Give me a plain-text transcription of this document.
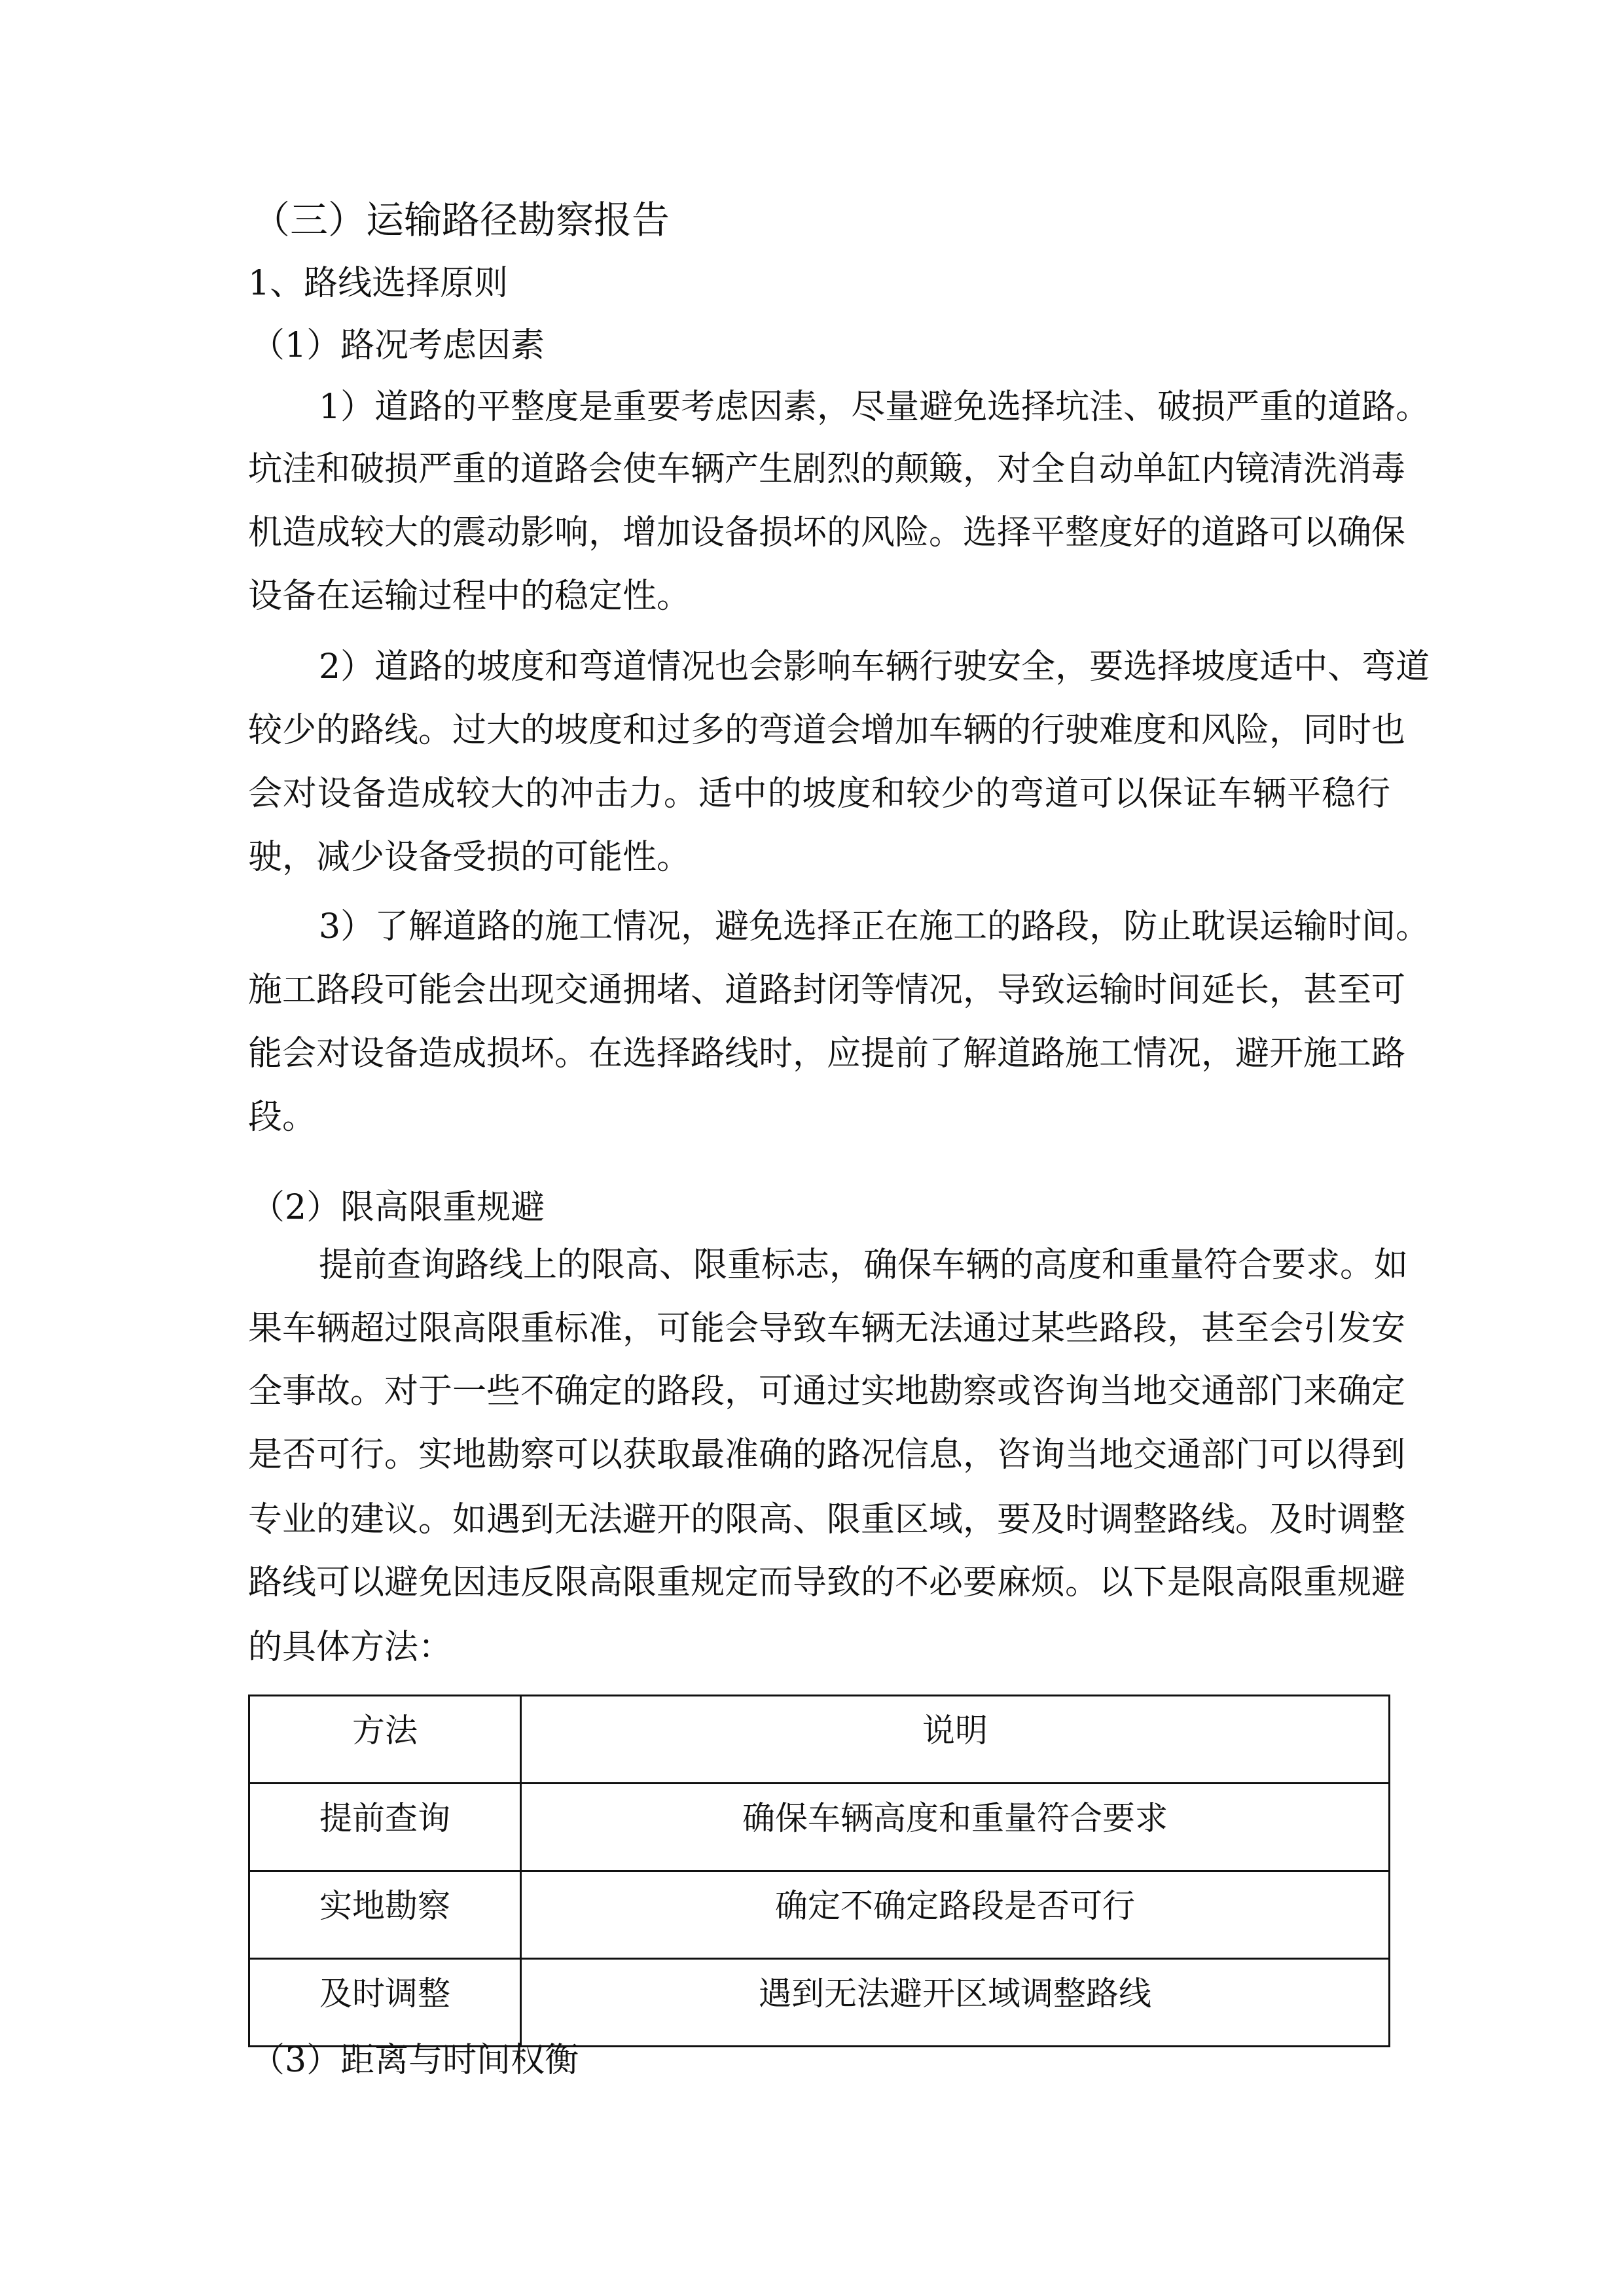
（三）运输路径勘察报告
1、路线选择原则
（1）路况考虑因素
1）道路的平整度是重要考虑因素，尽量避免选择坑洼、破损严重的道路。
坑洼和破损严重的道路会使车辆产生剧烈的颠簸，对全自动单缸内镜清洗消毒
机造成较大的震动影响，增加设备损坏的风险。选择平整度好的道路可以确保
设备在运输过程中的稳定性。
2）道路的坡度和弯道情况也会影响车辆行驶安全，要选择坡度适中、弯道
较少的路线。过大的坡度和过多的弯道会增加车辆的行驶难度和风险，同时也
会对设备造成较大的冲击力。适中的坡度和较少的弯道可以保证车辆平稳行
驶，减少设备受损的可能性。
3）了解道路的施工情况，避免选择正在施工的路段，防止耽误运输时间。
施工路段可能会出现交通拥堵、道路封闭等情况，导致运输时间延长，甚至可
能会对设备造成损坏。在选择路线时，应提前了解道路施工情况，避开施工路
段。
（2）限高限重规避
提前查询路线上的限高、限重标志，确保车辆的高度和重量符合要求。如
果车辆超过限高限重标准，可能会导致车辆无法通过某些路段，甚至会引发安
全事故。对于一些不确定的路段，可通过实地勘察或咨询当地交通部门来确定
是否可行。实地勘察可以获取最准确的路况信息，咨询当地交通部门可以得到
专业的建议。如遇到无法避开的限高、限重区域，要及时调整路线。及时调整
路线可以避免因违反限高限重规定而导致的不必要麻烦。以下是限高限重规避
的具体方法：
方法	说明
提前查询	确保车辆高度和重量符合要求
实地勘察	确定不确定路段是否可行
及时调整	遇到无法避开区域调整路线
（3）距离与时间权衡
